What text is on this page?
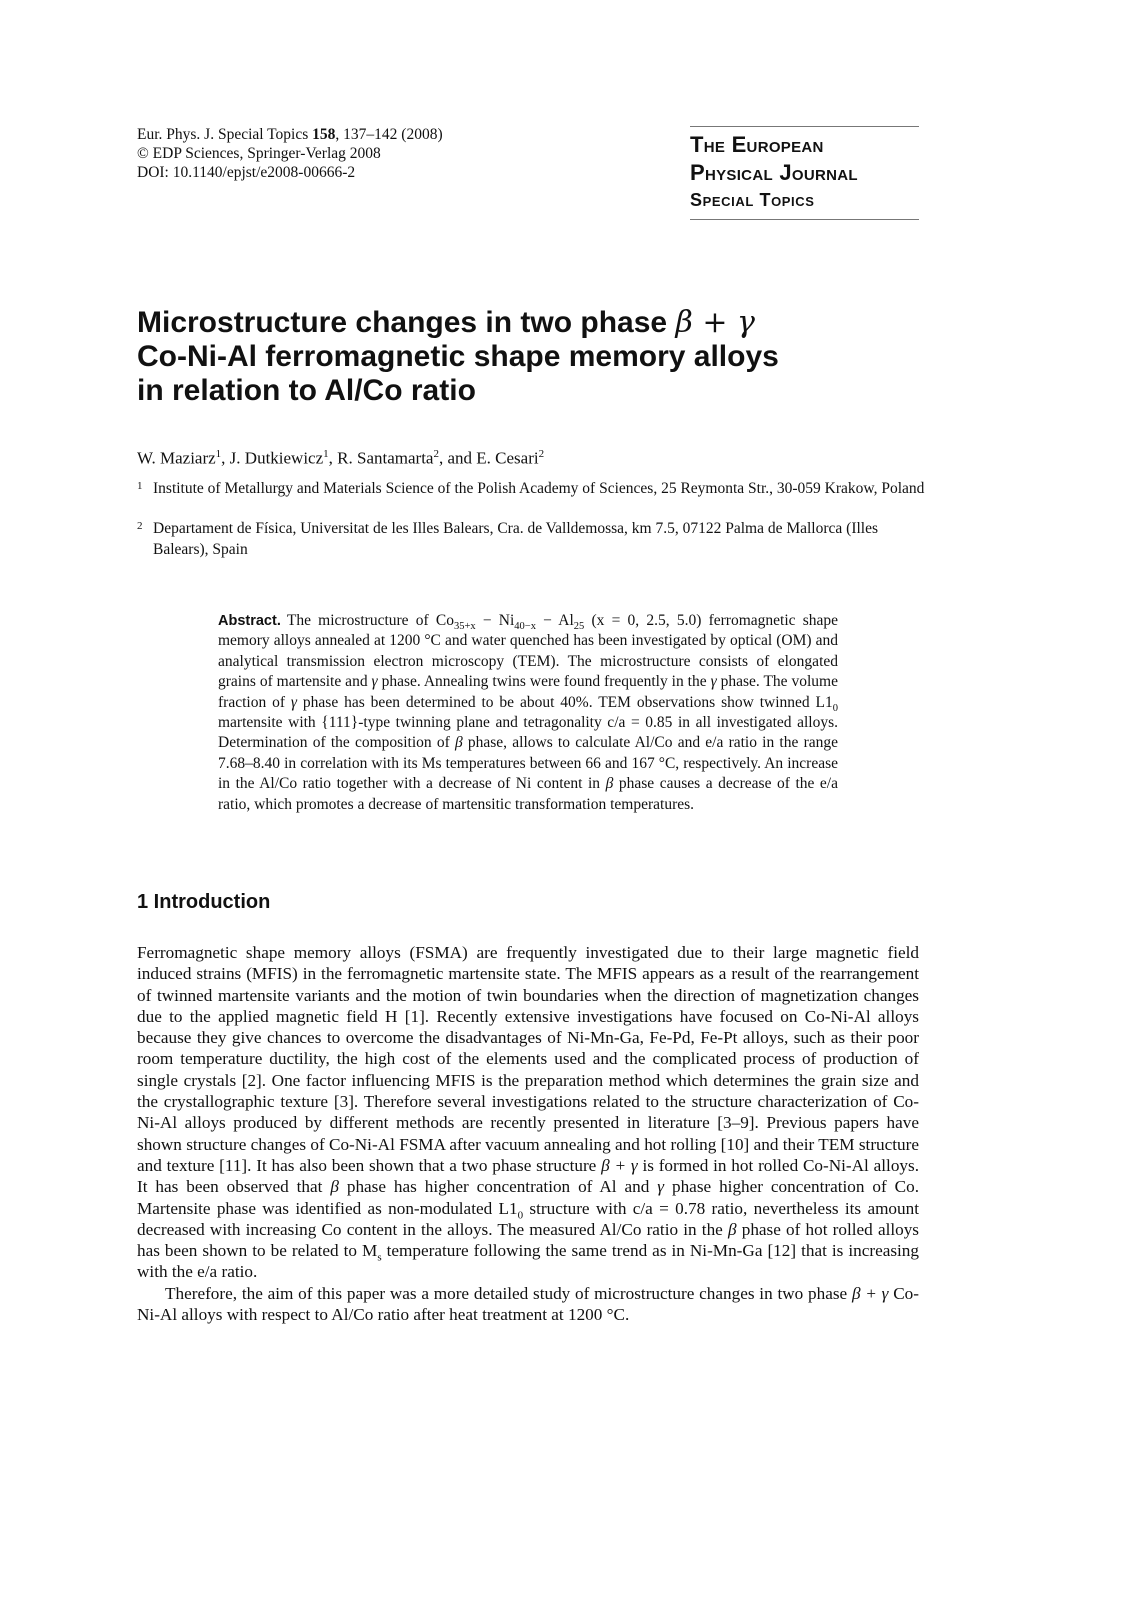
Eur. Phys. J. Special Topics 158, 137–142 (2008)
© EDP Sciences, Springer-Verlag 2008
DOI: 10.1140/epjst/e2008-00666-2
The European
Physical Journal
Special Topics
Microstructure changes in two phase β + γ
Co-Ni-Al ferromagnetic shape memory alloys
in relation to Al/Co ratio
W. Maziarz$^1$, J. Dutkiewicz$^1$, R. Santamarta$^2$, and E. Cesari$^2$
1 Institute of Metallurgy and Materials Science of the Polish Academy of Sciences, 25 Reymonta Str., 30-059 Krakow, Poland
2 Departament de Física, Universitat de les Illes Balears, Cra. de Valldemossa, km 7.5, 07122 Palma de Mallorca (Illes Balears), Spain
Abstract. The microstructure of $Co_{35+x} - Ni_{40-x} - Al_{25}$ (x = 0, 2.5, 5.0) ferromagnetic shape memory alloys annealed at 1200 °C and water quenched has been investigated by optical (OM) and analytical transmission electron microscopy (TEM). The microstructure consists of elongated grains of martensite and γ phase. Annealing twins were found frequently in the γ phase. The volume fraction of γ phase has been determined to be about 40%. TEM observations show twinned $L1_0$ martensite with {111}-type twinning plane and tetragonality c/a = 0.85 in all investigated alloys. Determination of the composition of β phase, allows to calculate Al/Co and e/a ratio in the range 7.68–8.40 in correlation with its Ms temperatures between 66 and 167 °C, respectively. An increase in the Al/Co ratio together with a decrease of Ni content in β phase causes a decrease of the e/a ratio, which promotes a decrease of martensitic transformation temperatures.
1 Introduction

Ferromagnetic shape memory alloys (FSMA) are frequently investigated due to their large magnetic field induced strains (MFIS) in the ferromagnetic martensite state. The MFIS appears as a result of the rearrangement of twinned martensite variants and the motion of twin boundaries when the direction of magnetization changes due to the applied magnetic field H [1]. Recently extensive investigations have focused on Co-Ni-Al alloys because they give chances to overcome the disadvantages of Ni-Mn-Ga, Fe-Pd, Fe-Pt alloys, such as their poor room temperature ductility, the high cost of the elements used and the complicated process of production of single crystals [2]. One factor influencing MFIS is the preparation method which determines the grain size and the crystallographic texture [3]. Therefore several investigations related to the structure characterization of Co-Ni-Al alloys produced by different methods are recently presented in literature [3–9]. Previous papers have shown structure changes of Co-Ni-Al FSMA after vacuum annealing and hot rolling [10] and their TEM structure and texture [11]. It has also been shown that a two phase structure β + γ is formed in hot rolled Co-Ni-Al alloys. It has been observed that β phase has higher concentration of Al and γ phase higher concentration of Co. Martensite phase was identified as non-modulated $L1_0$ structure with c/a = 0.78 ratio, nevertheless its amount decreased with increasing Co content in the alloys. The measured Al/Co ratio in the β phase of hot rolled alloys has been shown to be related to $M_s$ temperature following the same trend as in Ni-Mn-Ga [12] that is increasing with the e/a ratio.

Therefore, the aim of this paper was a more detailed study of microstructure changes in two phase β + γ Co-Ni-Al alloys with respect to Al/Co ratio after heat treatment at 1200 °C.
